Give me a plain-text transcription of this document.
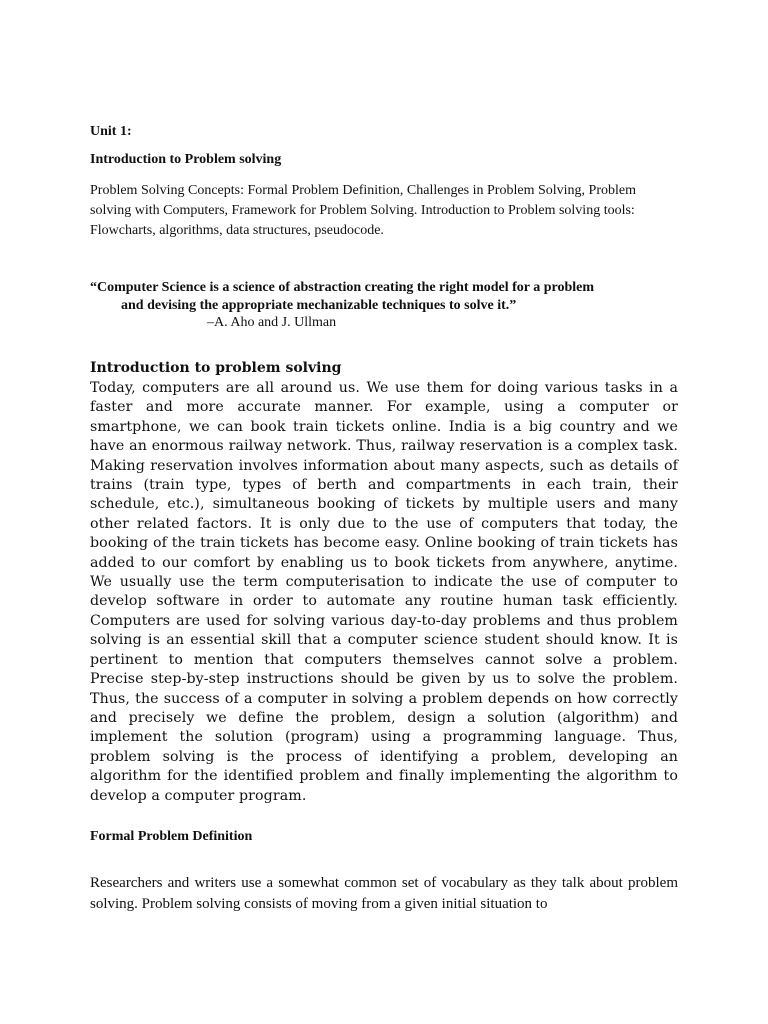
Unit 1:
Introduction to Problem solving

Problem Solving Concepts: Formal Problem Definition, Challenges in Problem Solving, Problem solving with Computers, Framework for Problem Solving. Introduction to Problem solving tools: Flowcharts, algorithms, data structures, pseudocode.

“Computer Science is a science of abstraction creating the right model for a problem
and devising the appropriate mechanizable techniques to solve it.”

–A. Aho and J. Ullman
Introduction to problem solving

Today, computers are all around us. We use them for doing various tasks in a faster and more accurate manner. For example, using a computer or smartphone, we can book train tickets online. India is a big country and we have an enormous railway network. Thus, railway reservation is a complex task. Making reservation involves information about many aspects, such as details of trains (train type, types of berth and compartments in each train, their schedule, etc.), simultaneous booking of tickets by multiple users and many other related factors. It is only due to the use of computers that today, the booking of the train tickets has become easy. Online booking of train tickets has added to our comfort by enabling us to book tickets from anywhere, anytime. We usually use the term computerisation to indicate the use of computer to develop software in order to automate any routine human task efficiently. Computers are used for solving various day-to-day problems and thus problem solving is an essential skill that a computer science student should know. It is pertinent to mention that computers themselves cannot solve a problem. Precise step-by-step instructions should be given by us to solve the problem. Thus, the success of a computer in solving a problem depends on how correctly and precisely we define the problem, design a solution (algorithm) and implement the solution (program) using a programming language. Thus, problem solving is the process of identifying a problem, developing an algorithm for the identified problem and finally implementing the algorithm to develop a computer program.

Formal Problem Definition

Researchers and writers use a somewhat common set of vocabulary as they talk about problem solving. Problem solving consists of moving from a given initial situation to
